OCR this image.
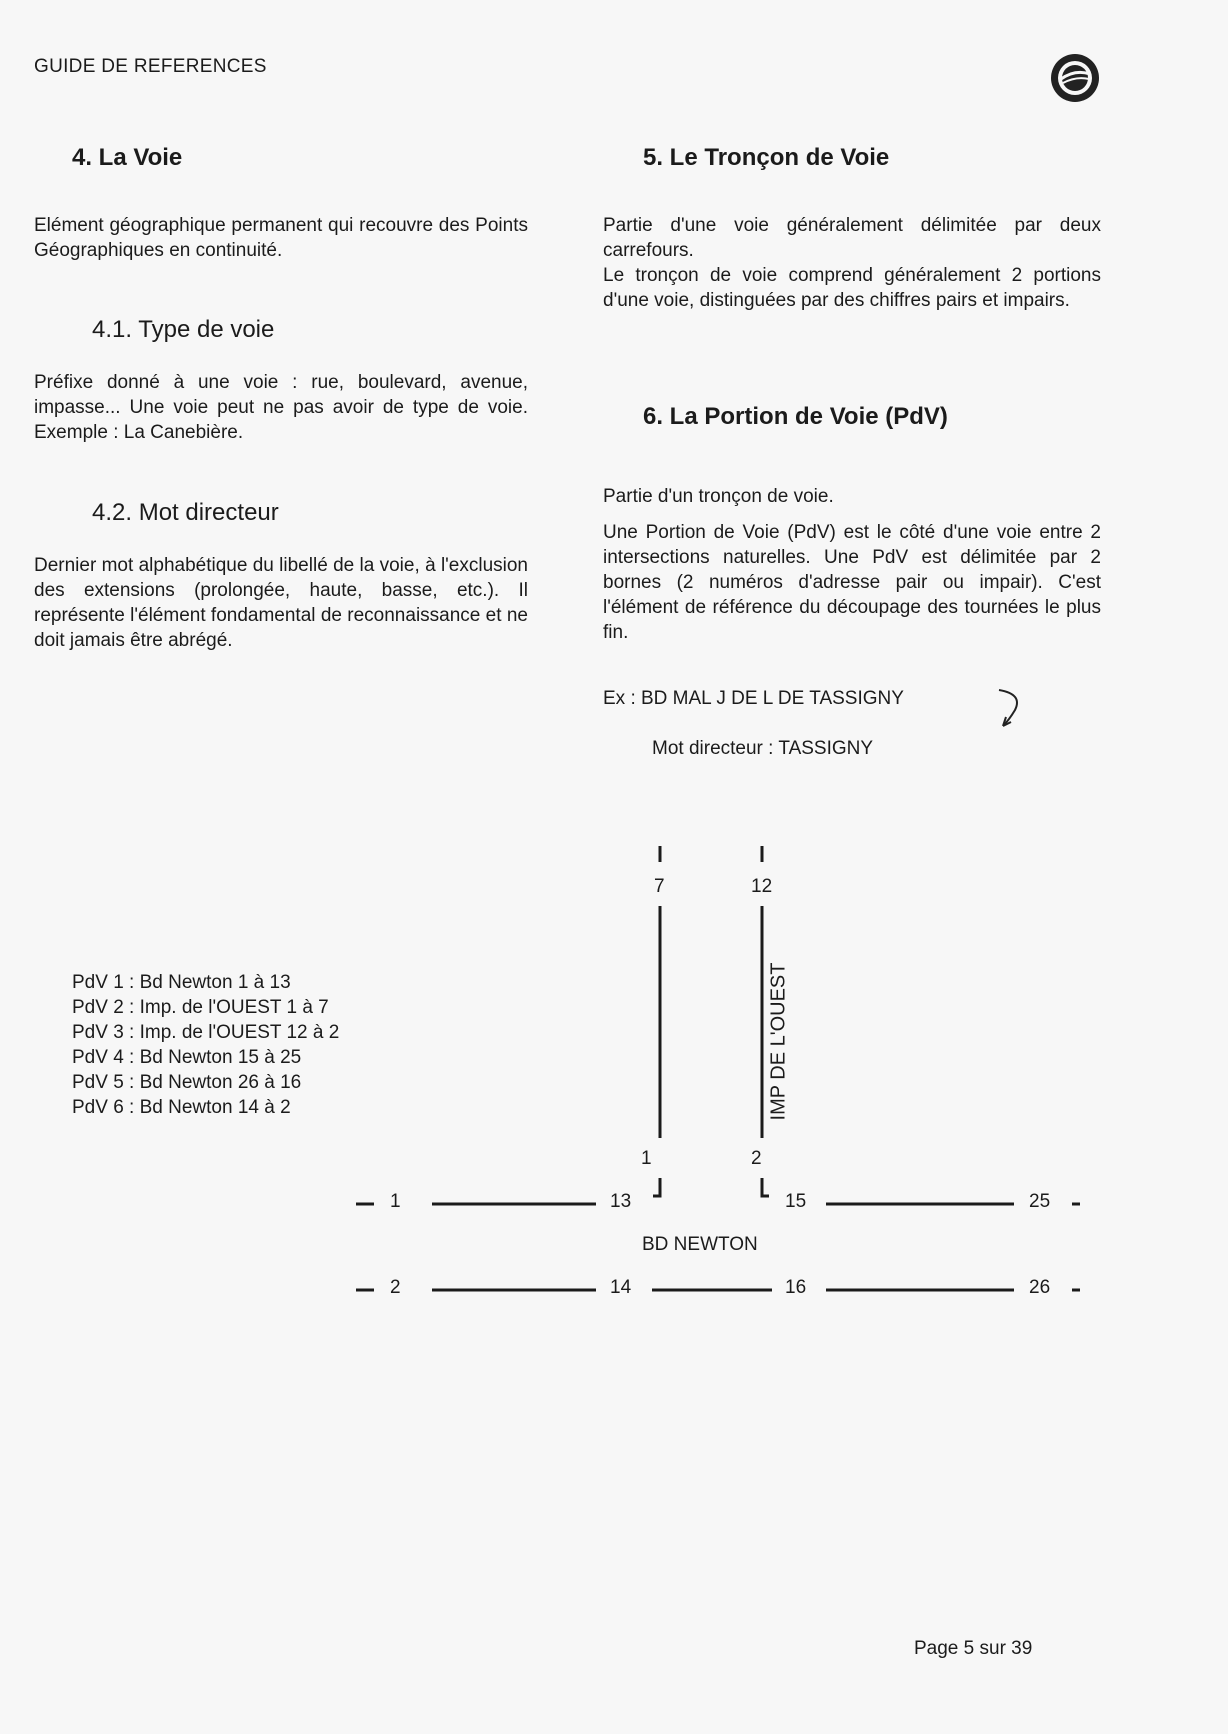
GUIDE DE REFERENCES
4. La Voie

Elément géographique permanent qui recouvre des Points Géographiques en continuité.

4.1. Type de voie

Préfixe donné à une voie : rue, boulevard, avenue, impasse... Une voie peut ne pas avoir de type de voie. Exemple : La Canebière.

4.2. Mot directeur

Dernier mot alphabétique du libellé de la voie, à l'exclusion des extensions (prolongée, haute, basse, etc.). Il représente l'élément fondamental de reconnaissance et ne doit jamais être abrégé.

5. Le Tronçon de Voie

Partie d'une voie généralement délimitée par deux carrefours.

Le tronçon de voie comprend généralement 2 portions d'une voie, distinguées par des chiffres pairs et impairs.

6. La Portion de Voie (PdV)

Partie d'un tronçon de voie.

Une Portion de Voie (PdV) est le côté d'une voie entre 2 intersections naturelles. Une PdV est délimitée par 2 bornes (2 numéros d'adresse pair ou impair). C'est l'élément de référence du découpage des tournées le plus fin.

Ex : BD MAL J DE L DE TASSIGNY
Mot directeur : TASSIGNY
PdV 1 : Bd Newton 1 à 13
PdV 2 : Imp. de l'OUEST 1 à 7
PdV 3 : Imp. de l'OUEST 12 à 2
PdV 4 : Bd Newton 15 à 25
PdV 5 : Bd Newton 26 à 16
PdV 6 : Bd Newton 14 à 2
7	12
IMP DE L'OUEST
1	2
1	13	15	25
BD NEWTON
2	14	16	26
Page 5 sur 39
